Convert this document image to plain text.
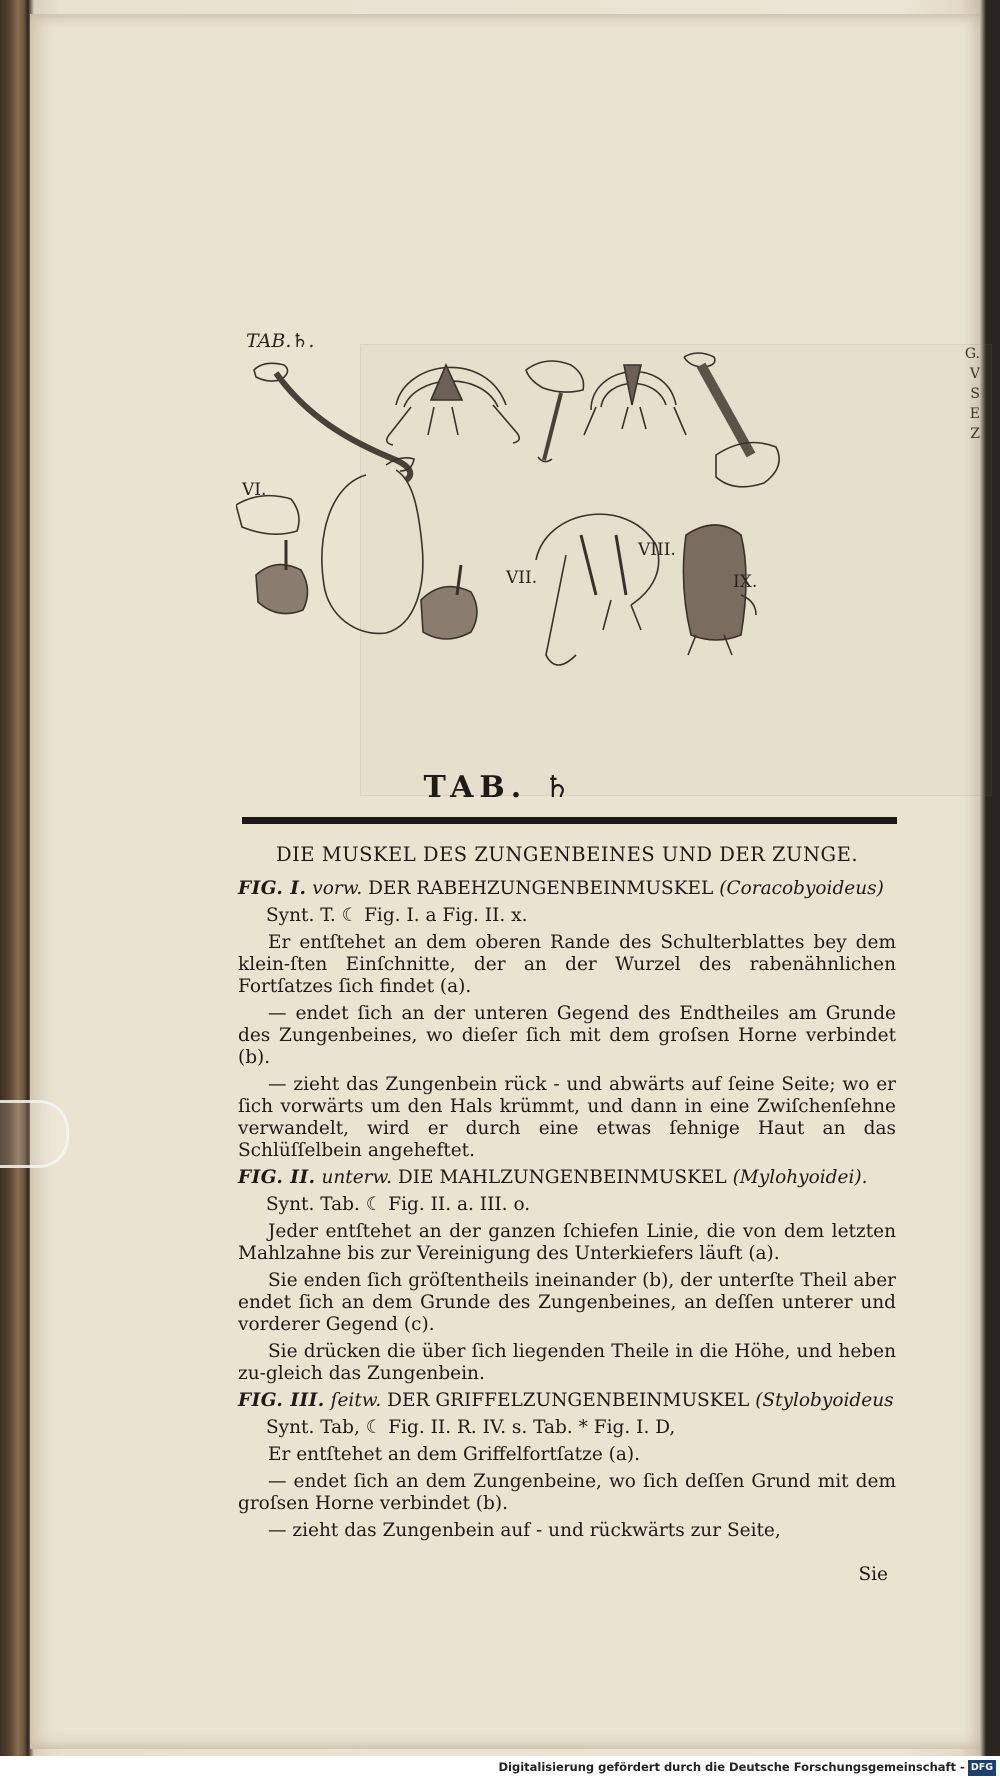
G. V S E Z
TAB.♄.
VI.
VII.
VIII.
IX.
TAB. ♄
DIE MUSKEL DES ZUNGENBEINES UND DER ZUNGE.
FIG. I. vorw. DER RABEHZUNGENBEINMUSKEL (Coracobyoideus)
Synt. T. ☾ Fig. I. a Fig. II. x.
Er entſtehet an dem oberen Rande des Schulterblattes bey dem klein-ſten Einſchnitte, der an der Wurzel des rabenähnlichen Fortſatzes ſich findet (a).
— endet ſich an der unteren Gegend des Endtheiles am Grunde des Zungenbeines, wo dieſer ſich mit dem groſsen Horne verbindet (b).
— zieht das Zungenbein rück - und abwärts auf ſeine Seite; wo er ſich vorwärts um den Hals krümmt, und dann in eine Zwiſchenſehne verwandelt, wird er durch eine etwas ſehnige Haut an das Schlüſſelbein angeheftet.
FIG. II. unterw. DIE MAHLZUNGENBEINMUSKEL (Mylohyoidei).
Synt. Tab. ☾ Fig. II. a. III. o.
Jeder entſtehet an der ganzen ſchiefen Linie, die von dem letzten Mahlzahne bis zur Vereinigung des Unterkiefers läuft (a).
Sie enden ſich gröſtentheils ineinander (b), der unterſte Theil aber endet ſich an dem Grunde des Zungenbeines, an deſſen unterer und vorderer Gegend (c).
Sie drücken die über ſich liegenden Theile in die Höhe, und heben zu-gleich das Zungenbein.
FIG. III. ſeitw. DER GRIFFELZUNGENBEINMUSKEL (Stylobyoideus
Synt. Tab, ☾ Fig. II. R. IV. s. Tab. * Fig. I. D,
Er entſtehet an dem Griffelfortſatze (a).
— endet ſich an dem Zungenbeine, wo ſich deſſen Grund mit dem groſsen Horne verbindet (b).
— zieht das Zungenbein auf - und rückwärts zur Seite,
Sie
Digitalisierung gefördert durch die Deutsche Forschungsgemeinschaft - DFG
